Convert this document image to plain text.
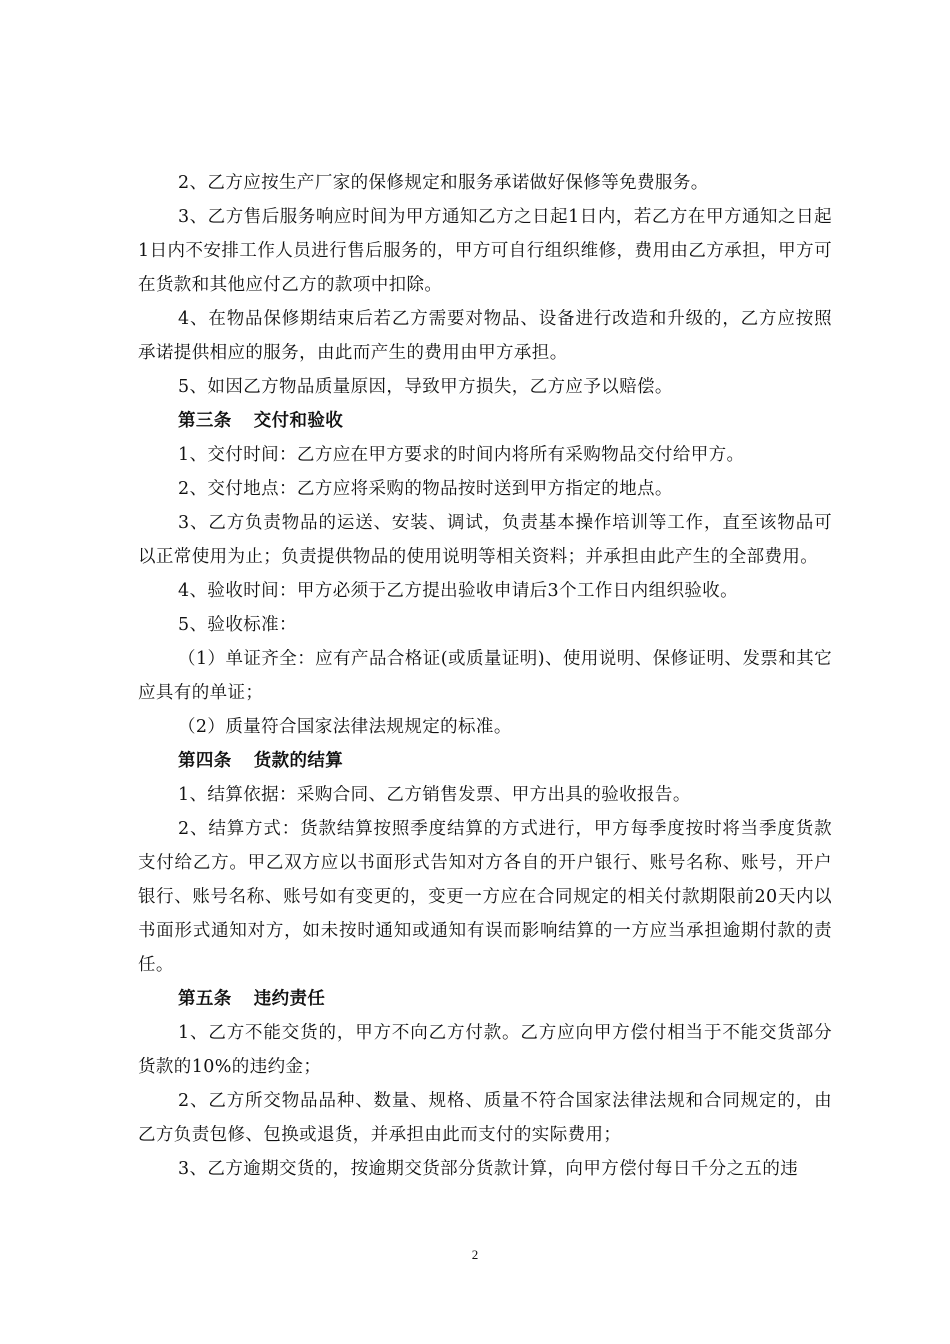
2、乙方应按生产厂家的保修规定和服务承诺做好保修等免费服务。

3、乙方售后服务响应时间为甲方通知乙方之日起1日内，若乙方在甲方通知之日起1日内不安排工作人员进行售后服务的，甲方可自行组织维修，费用由乙方承担，甲方可在货款和其他应付乙方的款项中扣除。

4、在物品保修期结束后若乙方需要对物品、设备进行改造和升级的，乙方应按照承诺提供相应的服务，由此而产生的费用由甲方承担。

5、如因乙方物品质量原因，导致甲方损失，乙方应予以赔偿。

第三条 交付和验收

1、交付时间：乙方应在甲方要求的时间内将所有采购物品交付给甲方。

2、交付地点：乙方应将采购的物品按时送到甲方指定的地点。

3、乙方负责物品的运送、安装、调试，负责基本操作培训等工作，直至该物品可以正常使用为止；负责提供物品的使用说明等相关资料；并承担由此产生的全部费用。

4、验收时间：甲方必须于乙方提出验收申请后3个工作日内组织验收。

5、验收标准：

（1）单证齐全：应有产品合格证(或质量证明)、使用说明、保修证明、发票和其它应具有的单证；

（2）质量符合国家法律法规规定的标准。

第四条 货款的结算

1、结算依据：采购合同、乙方销售发票、甲方出具的验收报告。

2、结算方式：货款结算按照季度结算的方式进行，甲方每季度按时将当季度货款支付给乙方。甲乙双方应以书面形式告知对方各自的开户银行、账号名称、账号，开户银行、账号名称、账号如有变更的，变更一方应在合同规定的相关付款期限前20天内以书面形式通知对方，如未按时通知或通知有误而影响结算的一方应当承担逾期付款的责任。

第五条 违约责任

1、乙方不能交货的，甲方不向乙方付款。乙方应向甲方偿付相当于不能交货部分货款的10%的违约金；

2、乙方所交物品品种、数量、规格、质量不符合国家法律法规和合同规定的，由乙方负责包修、包换或退货，并承担由此而支付的实际费用；

3、乙方逾期交货的，按逾期交货部分货款计算，向甲方偿付每日千分之五的违

2
